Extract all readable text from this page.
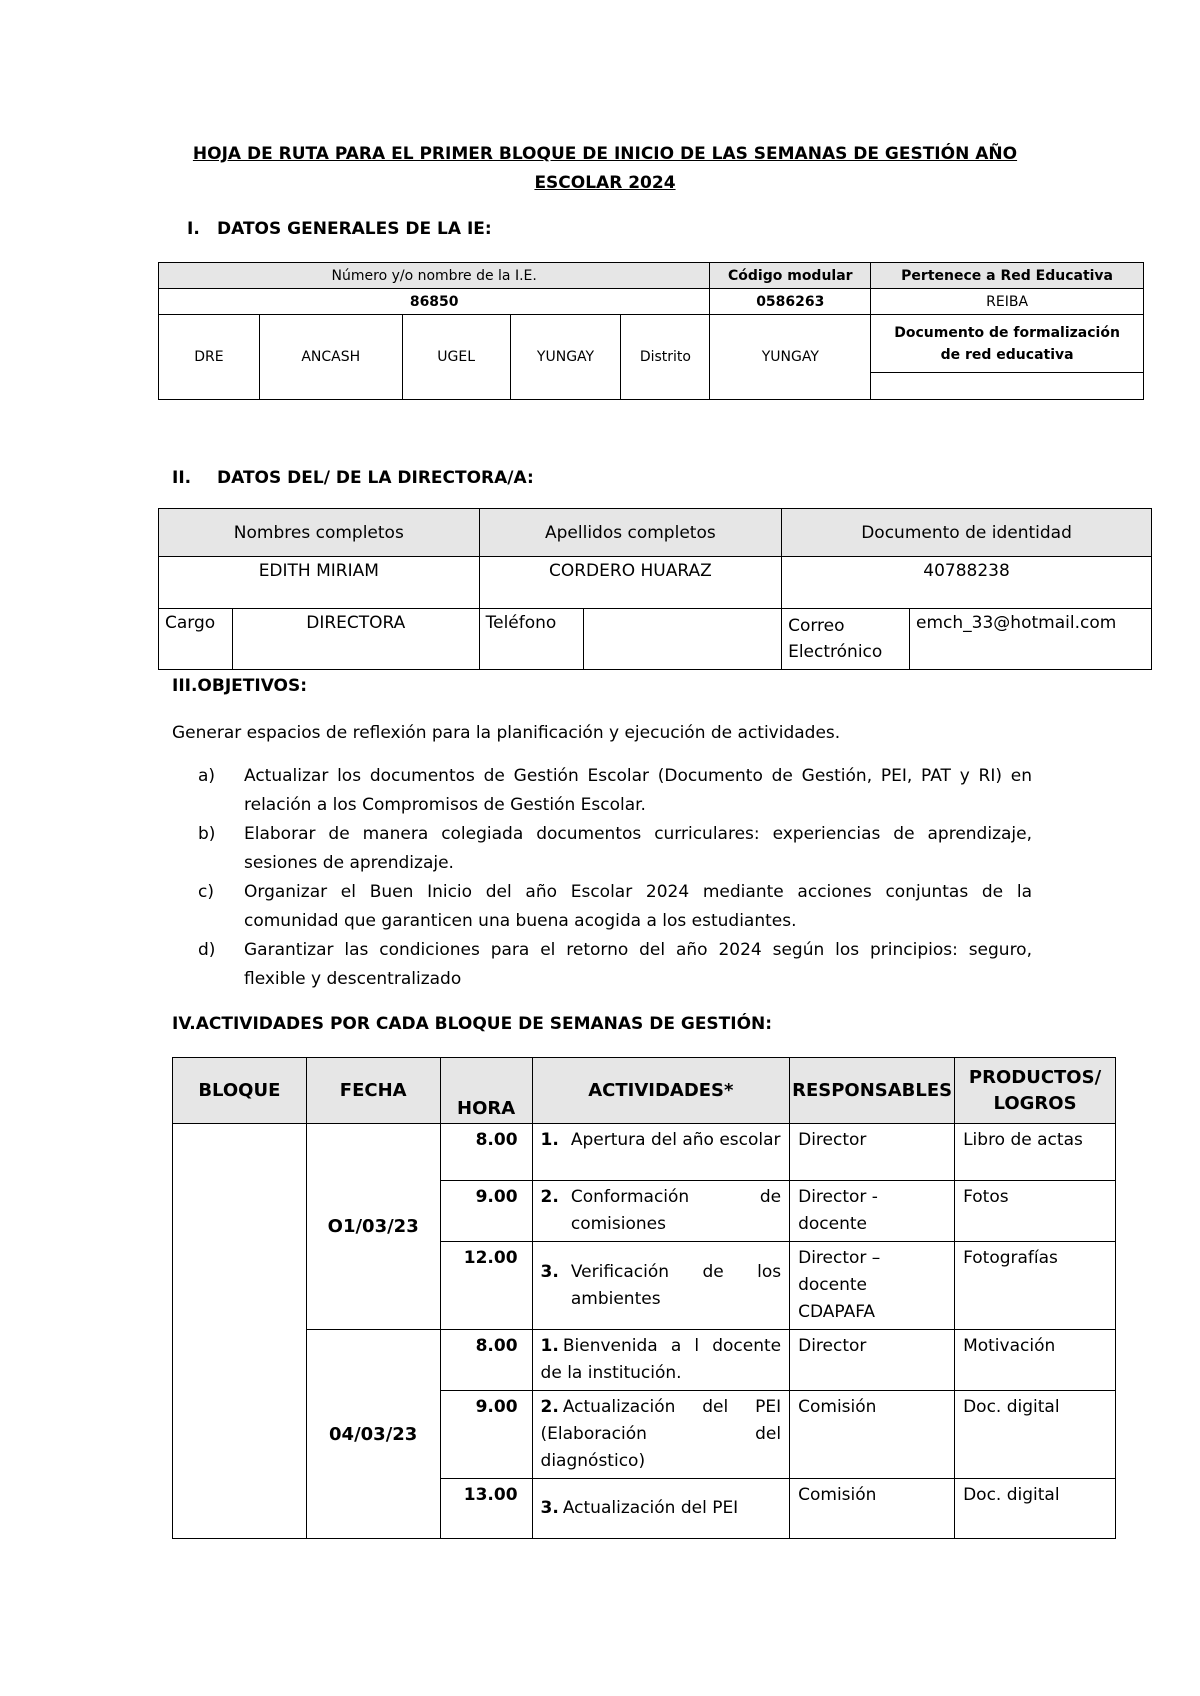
HOJA DE RUTA PARA EL PRIMER BLOQUE DE INICIO DE LAS SEMANAS DE GESTIÓN AÑO
ESCOLAR 2024
I. DATOS GENERALES DE LA IE:
Número y/o nombre de la I.E.					Código modular	Pertenece a Red Educativa
86850					0586263	REIBA
DRE	ANCASH	UGEL	YUNGAY	Distrito	YUNGAY	Documento de formalización de red educativa

II. DATOS DEL/ DE LA DIRECTORA/A:
Nombres completos		Apellidos completos		Documento de identidad	
EDITH MIRIAM		CORDERO HUARAZ		40788238	
Cargo	DIRECTORA	Teléfono		Correo Electrónico	emch_33@hotmail.com
III.OBJETIVOS:
Generar espacios de reflexión para la planificación y ejecución de actividades.
a)	Actualizar los documentos de Gestión Escolar (Documento de Gestión, PEI, PAT y RI) en relación a los Compromisos de Gestión Escolar.
b)	Elaborar de manera colegiada documentos curriculares: experiencias de aprendizaje, sesiones de aprendizaje.
c)	Organizar el Buen Inicio del año Escolar 2024 mediante acciones conjuntas de la comunidad que garanticen una buena acogida a los estudiantes.
d)	Garantizar las condiciones para el retorno del año 2024 según los principios: seguro, flexible y descentralizado
IV.ACTIVIDADES POR CADA BLOQUE DE SEMANAS DE GESTIÓN:
BLOQUE	FECHA	HORA	ACTIVIDADES*	RESPONSABLES	PRODUCTOS/ LOGROS
	O1/03/23	8.00	1. Apertura del año escolar	Director	Libro de actas
		9.00	2. Conformación de comisiones	Director - docente	Fotos
		12.00	3. Verificación de los ambientes	Director – docente CDAPAFA	Fotografías
	04/03/23	8.00	1. Bienvenida a l docente de la institución.	Director	Motivación
		9.00	2. Actualización del PEI (Elaboración del diagnóstico)	Comisión	Doc. digital
		13.00	3. Actualización del PEI	Comisión	Doc. digital
